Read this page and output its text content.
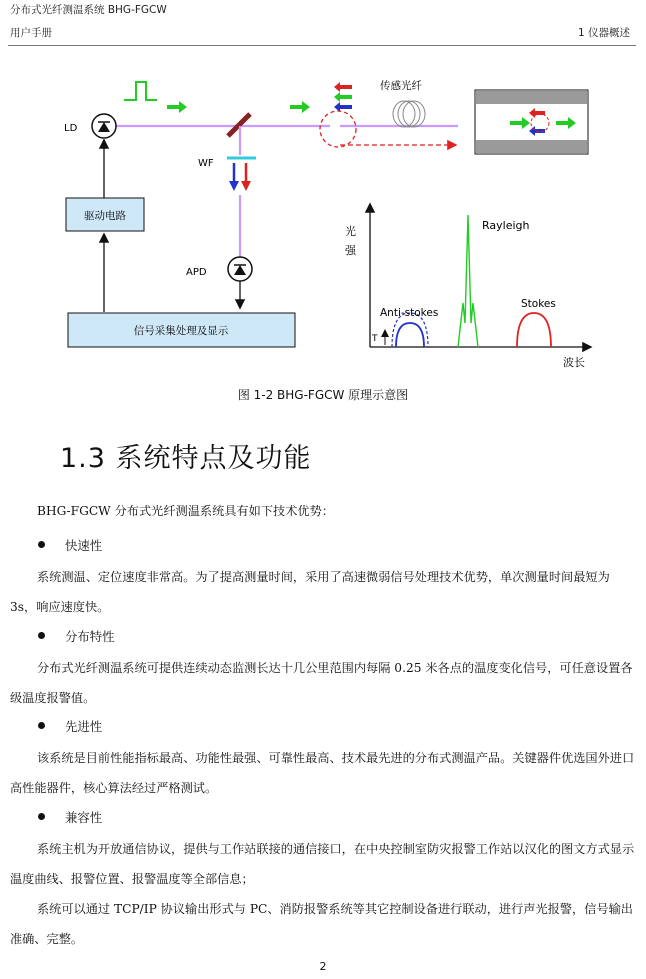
分布式光纤测温系统 BHG-FGCW
用户手册	1 仪器概述
LD
驱动电路
WF
APD
信号采集处理及显示
传感光纤
光
强
波长
Rayleigh
Anti-stokes
T
Stokes
图 1-2 BHG-FGCW 原理示意图
1.3 系统特点及功能
BHG-FGCW 分布式光纤测温系统具有如下技术优势：
快速性
系统测温、定位速度非常高。为了提高测量时间，采用了高速微弱信号处理技术优势，单次测量时间最短为 3s，响应速度快。
分布特性
分布式光纤测温系统可提供连续动态监测长达十几公里范围内每隔 0.25 米各点的温度变化信号，可任意设置各级温度报警值。
先进性
该系统是目前性能指标最高、功能性最强、可靠性最高、技术最先进的分布式测温产品。关键器件优选国外进口高性能器件，核心算法经过严格测试。
兼容性
系统主机为开放通信协议，提供与工作站联接的通信接口，在中央控制室防灾报警工作站以汉化的图文方式显示温度曲线、报警位置、报警温度等全部信息；
系统可以通过 TCP/IP 协议输出形式与 PC、消防报警系统等其它控制设备进行联动，进行声光报警，信号输出准确、完整。
2
